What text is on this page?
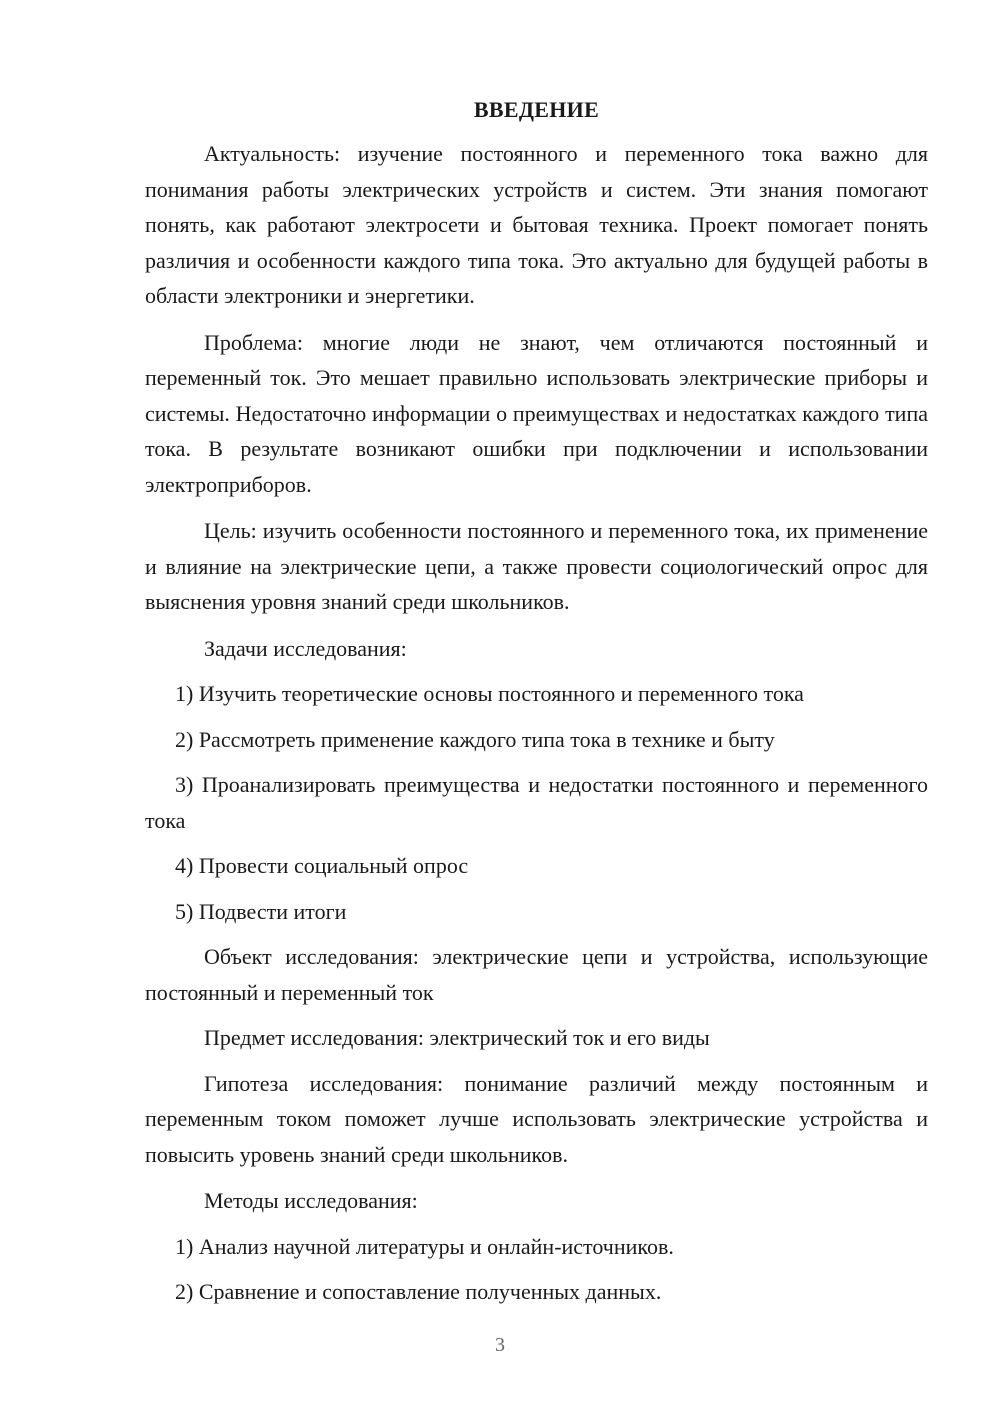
ВВЕДЕНИЕ

Актуальность: изучение постоянного и переменного тока важно для понимания работы электрических устройств и систем. Эти знания помогают понять, как работают электросети и бытовая техника. Проект помогает понять различия и особенности каждого типа тока. Это актуально для будущей работы в области электроники и энергетики.

Проблема: многие люди не знают, чем отличаются постоянный и переменный ток. Это мешает правильно использовать электрические приборы и системы. Недостаточно информации о преимуществах и недостатках каждого типа тока. В результате возникают ошибки при подключении и использовании электроприборов.

Цель: изучить особенности постоянного и переменного тока, их применение и влияние на электрические цепи, а также провести социологический опрос для выяснения уровня знаний среди школьников.

Задачи исследования:

1) Изучить теоретические основы постоянного и переменного тока

2) Рассмотреть применение каждого типа тока в технике и быту

3) Проанализировать преимущества и недостатки постоянного и переменного тока

4) Провести социальный опрос

5) Подвести итоги

Объект исследования: электрические цепи и устройства, использующие постоянный и переменный ток

Предмет исследования: электрический ток и его виды

Гипотеза исследования: понимание различий между постоянным и переменным током поможет лучше использовать электрические устройства и повысить уровень знаний среди школьников.

Методы исследования:

1) Анализ научной литературы и онлайн-источников.

2) Сравнение и сопоставление полученных данных.

3
